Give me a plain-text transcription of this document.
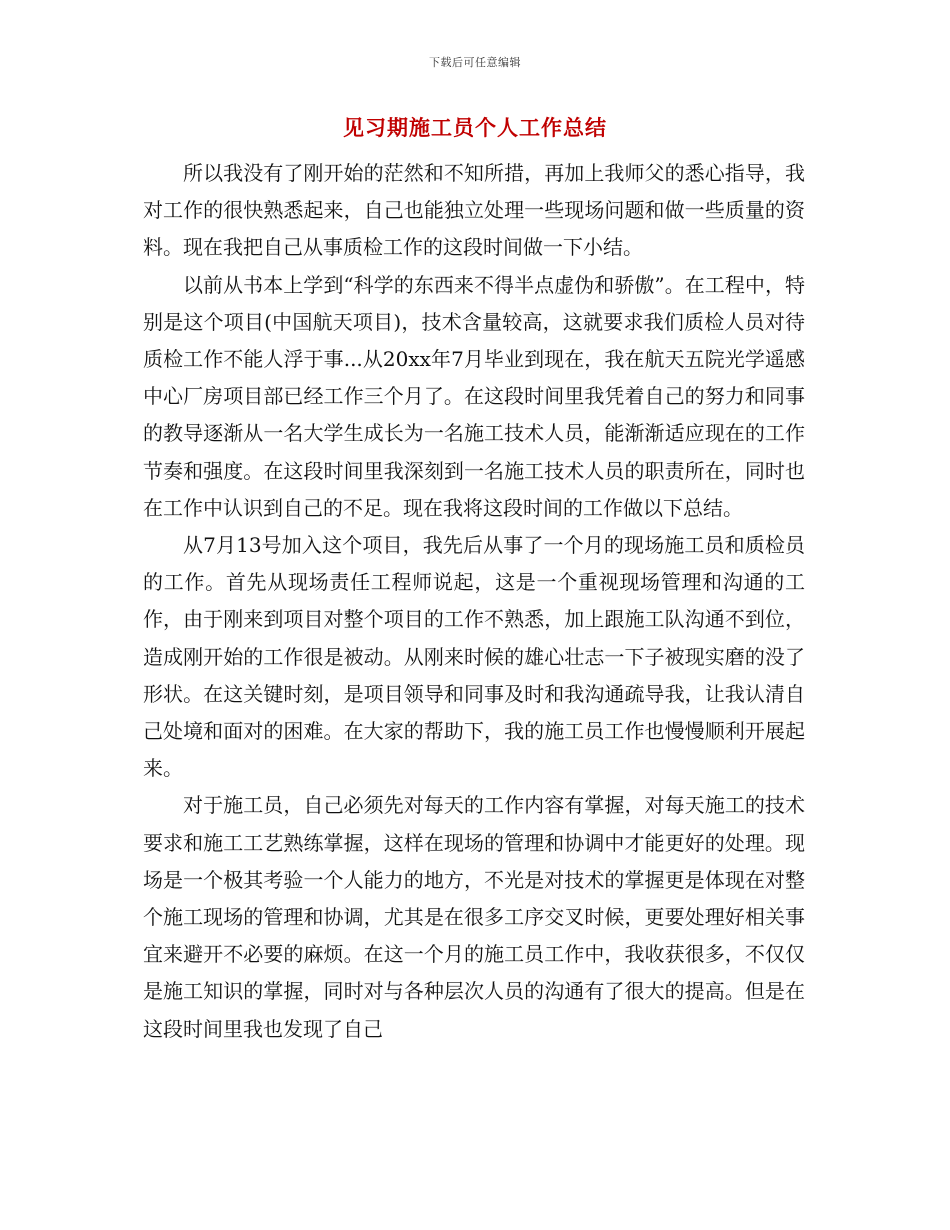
下载后可任意编辑
见习期施工员个人工作总结

所以我没有了刚开始的茫然和不知所措，再加上我师父的悉心指导，我对工作的很快熟悉起来，自己也能独立处理一些现场问题和做一些质量的资料。现在我把自己从事质检工作的这段时间做一下小结。

以前从书本上学到“科学的东西来不得半点虚伪和骄傲”。在工程中，特别是这个项目(中国航天项目)，技术含量较高，这就要求我们质检人员对待质检工作不能人浮于事...从20xx年7月毕业到现在，我在航天五院光学遥感中心厂房项目部已经工作三个月了。在这段时间里我凭着自己的努力和同事的教导逐渐从一名大学生成长为一名施工技术人员，能渐渐适应现在的工作节奏和强度。在这段时间里我深刻到一名施工技术人员的职责所在，同时也在工作中认识到自己的不足。现在我将这段时间的工作做以下总结。

从7月13号加入这个项目，我先后从事了一个月的现场施工员和质检员的工作。首先从现场责任工程师说起，这是一个重视现场管理和沟通的工作，由于刚来到项目对整个项目的工作不熟悉，加上跟施工队沟通不到位，造成刚开始的工作很是被动。从刚来时候的雄心壮志一下子被现实磨的没了形状。在这关键时刻，是项目领导和同事及时和我沟通疏导我，让我认清自己处境和面对的困难。在大家的帮助下，我的施工员工作也慢慢顺利开展起来。

对于施工员，自己必须先对每天的工作内容有掌握，对每天施工的技术要求和施工工艺熟练掌握，这样在现场的管理和协调中才能更好的处理。现场是一个极其考验一个人能力的地方，不光是对技术的掌握更是体现在对整个施工现场的管理和协调，尤其是在很多工序交叉时候，更要处理好相关事宜来避开不必要的麻烦。在这一个月的施工员工作中，我收获很多，不仅仅是施工知识的掌握，同时对与各种层次人员的沟通有了很大的提高。但是在这段时间里我也发现了自己
